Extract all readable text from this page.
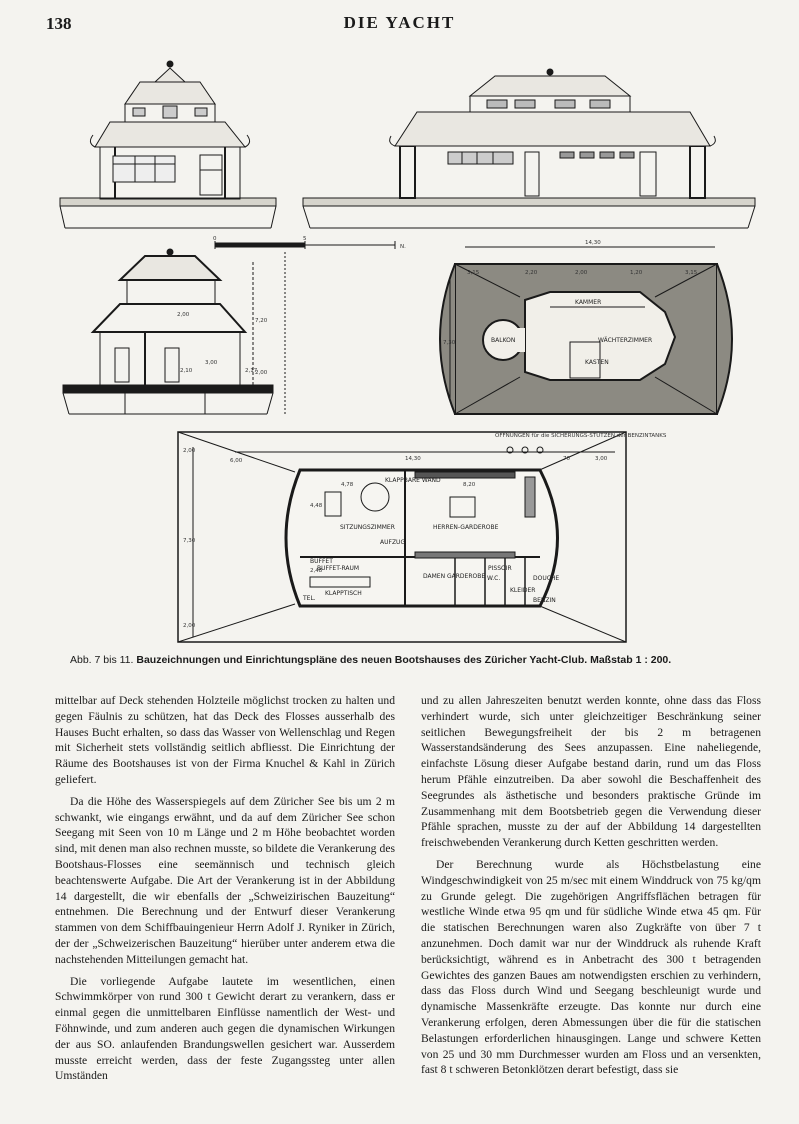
138	DIE YACHT
0	5
N.
2,00
2,17
3,00
7,20
2,10	2,00
14,30
7,30
3,15	2,20	2,00	1,20	3,15
KAMMER
BALKON	WÄCHTERZIMMER
KASTEN
ÖFFNUNGEN für die SICHERUNGS-STÜTZEN der BENZINTANKS
6,00	14,30	70	3,00
2,00
7,30
2,00
4,78	8,20
4,48
2,48
SITZUNGSZIMMER	HERREN-GARDEROBE
BUFFET-RAUM
DAMEN GARDEROBE W.C.
PISSOIR
DOUCHE
KLEIDER
AUFZUG
KLAPPTISCH
KLAPPBARE WAND
BUFFET
TEL.	BENZIN
Abb. 7 bis 11. Bauzeichnungen und Einrichtungspläne des neuen Bootshauses des Züricher Yacht-Club. Maßstab 1 : 200.

mittelbar auf Deck stehenden Holzteile möglichst trocken zu halten und gegen Fäulnis zu schützen, hat das Deck des Flosses ausserhalb des Hauses Bucht erhalten, so dass das Wasser von Wellenschlag und Regen mit Sicherheit stets vollständig seitlich abfliesst. Die Einrichtung der Räume des Bootshauses ist von der Firma Knuchel & Kahl in Zürich geliefert.

Da die Höhe des Wasserspiegels auf dem Züricher See bis um 2 m schwankt, wie eingangs erwähnt, und da auf dem Züricher See schon Seegang mit Seen von 10 m Länge und 2 m Höhe beobachtet worden sind, mit denen man also rechnen musste, so bildete die Verankerung des Bootshaus-Flosses eine seemännisch und technisch gleich beachtenswerte Aufgabe. Die Art der Verankerung ist in der Abbildung 14 dargestellt, die wir ebenfalls der „Schweizirischen Bauzeitung“ entnehmen. Die Berechnung und der Entwurf dieser Verankerung stammen von dem Schiffbauingenieur Herrn Adolf J. Ryniker in Zürich, der der „Schweizerischen Bauzeitung“ hierüber unter anderem etwa die nachstehenden Mitteilungen gemacht hat.

Die vorliegende Aufgabe lautete im wesentlichen, einen Schwimmkörper von rund 300 t Gewicht derart zu verankern, dass er einmal gegen die unmittelbaren Einflüsse namentlich der West- und Föhnwinde, und zum anderen auch gegen die dynamischen Wirkungen der aus SO. anlaufenden Brandungswellen gesichert war. Ausserdem musste erreicht werden, dass der feste Zugangssteg unter allen Umständen

und zu allen Jahreszeiten benutzt werden konnte, ohne dass das Floss verhindert wurde, sich unter gleichzeitiger Beschränkung seiner seitlichen Bewegungsfreiheit der bis 2 m betragenen Wasserstandsänderung des Sees anzupassen. Eine naheliegende, einfachste Lösung dieser Aufgabe bestand darin, rund um das Floss herum Pfähle einzutreiben. Da aber sowohl die Beschaffenheit des Seegrundes als ästhetische und besonders praktische Gründe im Zusammenhang mit dem Bootsbetrieb gegen die Verwendung dieser Pfähle sprachen, musste zu der auf der Abbildung 14 dargestellten freischwebenden Verankerung durch Ketten geschritten werden.

Der Berechnung wurde als Höchstbelastung eine Windgeschwindigkeit von 25 m/sec mit einem Winddruck von 75 kg/qm zu Grunde gelegt. Die zugehörigen Angriffsflächen betragen für westliche Winde etwa 95 qm und für südliche Winde etwa 45 qm. Für die statischen Berechnungen waren also Zugkräfte von über 7 t anzunehmen. Doch damit war nur der Winddruck als ruhende Kraft berücksichtigt, während es in Anbetracht des 300 t betragenden Gewichtes des ganzen Baues am notwendigsten erschien zu verhindern, dass das Floss durch Wind und Seegang beschleunigt wurde und dynamische Massenkräfte erzeugte. Das konnte nur durch eine Verankerung erfolgen, deren Abmessungen über die für die statischen Belastungen erforderlichen hinausgingen. Lange und schwere Ketten von 25 und 30 mm Durchmesser wurden am Floss und an versenkten, fast 8 t schweren Betonklötzen derart befestigt, dass sie
